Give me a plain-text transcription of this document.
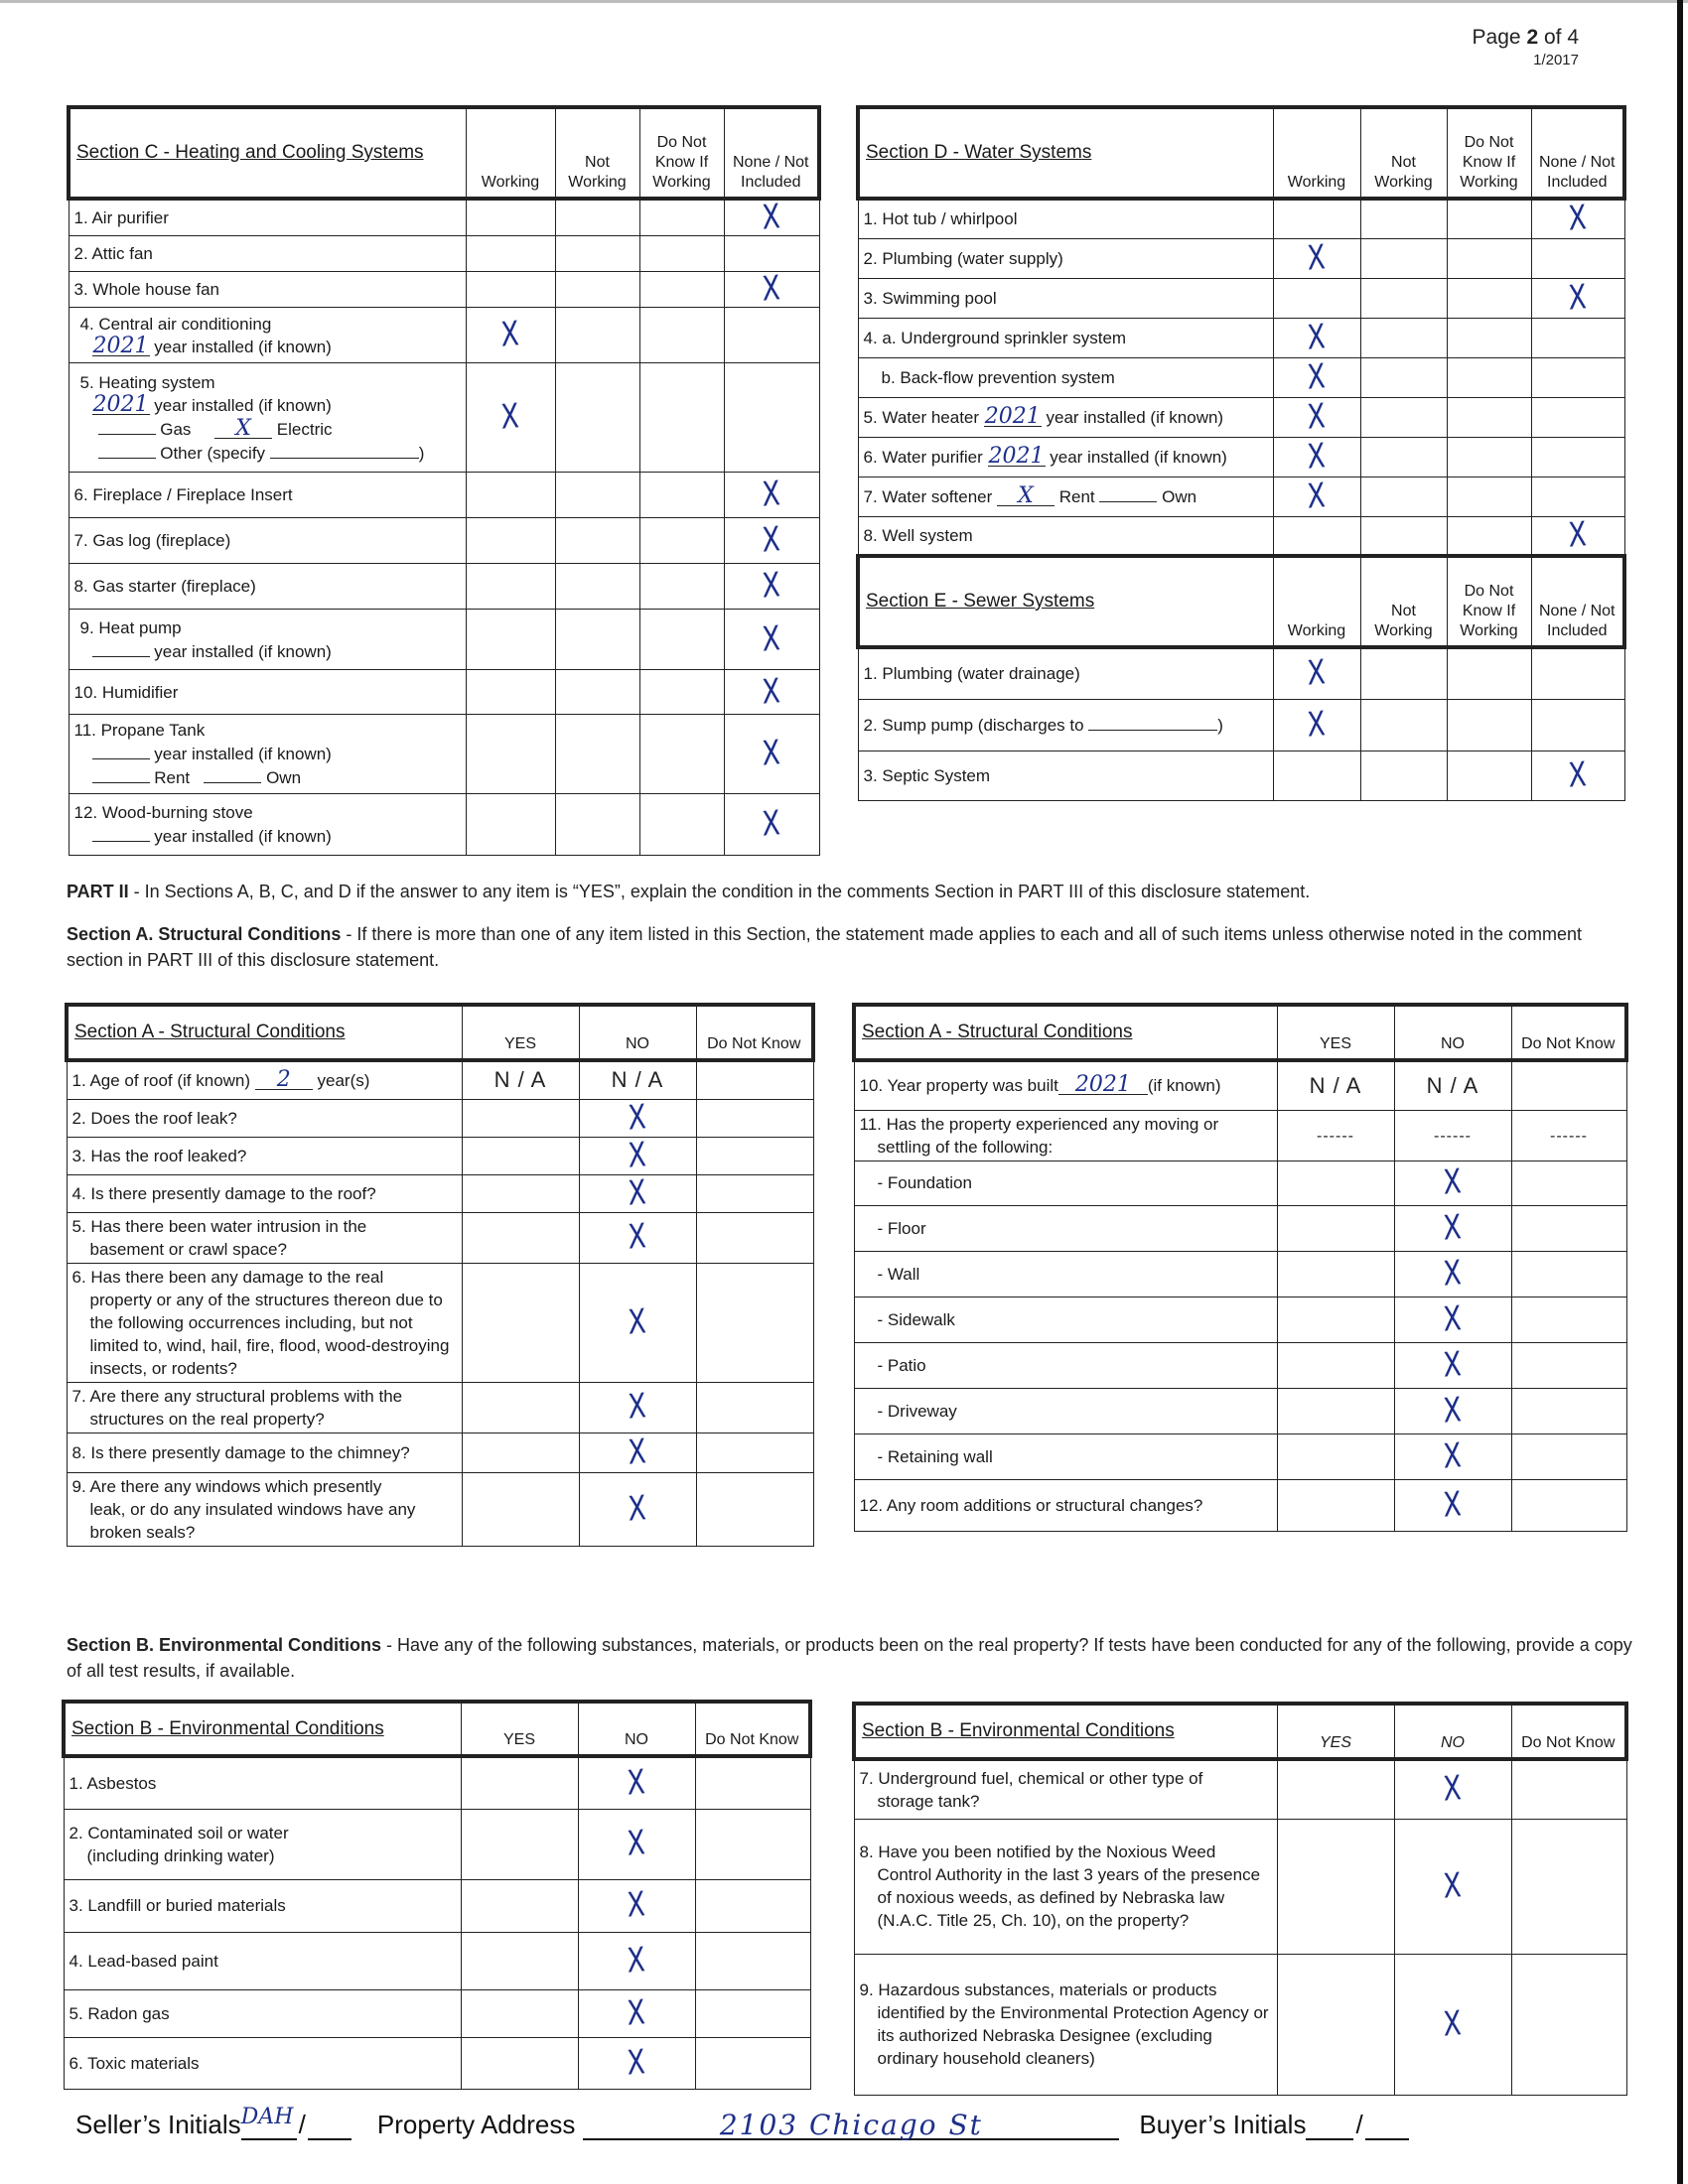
Page 2 of 4
1/2017
Section C - Heating and Cooling Systems	Working	Not Working	Do Not Know If Working	None / Not Included
1. Air purifier				X
2. Attic fan				
3. Whole house fan				X

4. Central air conditioning
2021 year installed (if known)	X			

5. Heating system
2021 year installed (if known)
Gas X Electric
Other (specify )	X			
6. Fireplace / Fireplace Insert				X
7. Gas log (fireplace)				X
8. Gas starter (fireplace)				X

9. Heat pump
year installed (if known)				X
10. Humidifier				X

11. Propane Tank
year installed (if known)
Rent Own				X

12. Wood-burning stove
year installed (if known)				X
Section D - Water Systems	Working	Not Working	Do Not Know If Working	None / Not Included
1. Hot tub / whirlpool				X
2. Plumbing (water supply)	X			
3. Swimming pool				X
4. a. Underground sprinkler system	X			

b. Back-flow prevention system	X			
5. Water heater 2021 year installed (if known)	X			
6. Water purifier 2021 year installed (if known)	X			
7. Water softener X Rent Own	X			
8. Well system				X
Section E - Sewer Systems	Working	Not Working	Do Not Know If Working	None / Not Included
1. Plumbing (water drainage)	X			
2. Sump pump (discharges to )	X			
3. Septic System				X
PART II - In Sections A, B, C, and D if the answer to any item is “YES”, explain the condition in the comments Section in PART III of this disclosure statement.
Section A. Structural Conditions - If there is more than one of any item listed in this Section, the statement made applies to each and all of such items unless otherwise noted in the comment section in PART III of this disclosure statement.
Section A - Structural Conditions	YES	NO	Do Not Know
1. Age of roof (if known) 2 year(s)	N / A	N / A	
2. Does the roof leak?		X	
3. Has the roof leaked?		X	
4. Is there presently damage to the roof?		X	
5. Has there been water intrusion in the
basement or crawl space?		X	
6. Has there been any damage to the real
property or any of the structures thereon due to the following occurrences including, but not limited to, wind, hail, fire, flood, wood-destroying insects, or rodents?		X	
7. Are there any structural problems with the
structures on the real property?		X	
8. Is there presently damage to the chimney?		X	
9. Are there any windows which presently
leak, or do any insulated windows have any broken seals?		X	
Section A - Structural Conditions	YES	NO	Do Not Know
10. Year property was built 2021 (if known)	N / A	N / A	
11. Has the property experienced any moving or
settling of the following:	------	------	------

- Foundation		X	

- Floor		X	

- Wall		X	

- Sidewalk		X	

- Patio		X	

- Driveway		X	

- Retaining wall		X	
12. Any room additions or structural changes?		X	
Section B. Environmental Conditions - Have any of the following substances, materials, or products been on the real property? If tests have been conducted for any of the following, provide a copy of all test results, if available.
Section B - Environmental Conditions	YES	NO	Do Not Know
1. Asbestos		X	
2. Contaminated soil or water
(including drinking water)		X	
3. Landfill or buried materials		X	
4. Lead-based paint		X	
5. Radon gas		X	
6. Toxic materials		X	
Section B - Environmental Conditions	YES	NO	Do Not Know
7. Underground fuel, chemical or other type of
storage tank?		X	
8. Have you been notified by the Noxious Weed
Control Authority in the last 3 years of the presence of noxious weeds, as defined by Nebraska law (N.A.C. Title 25, Ch. 10), on the property?		X	
9. Hazardous substances, materials or products
identified by the Environmental Protection Agency or its authorized Nebraska Designee (excluding ordinary household cleaners)		X	
Seller’s Initials DAH /	Property Address	2103 Chicago St	Buyer’s Initials /
